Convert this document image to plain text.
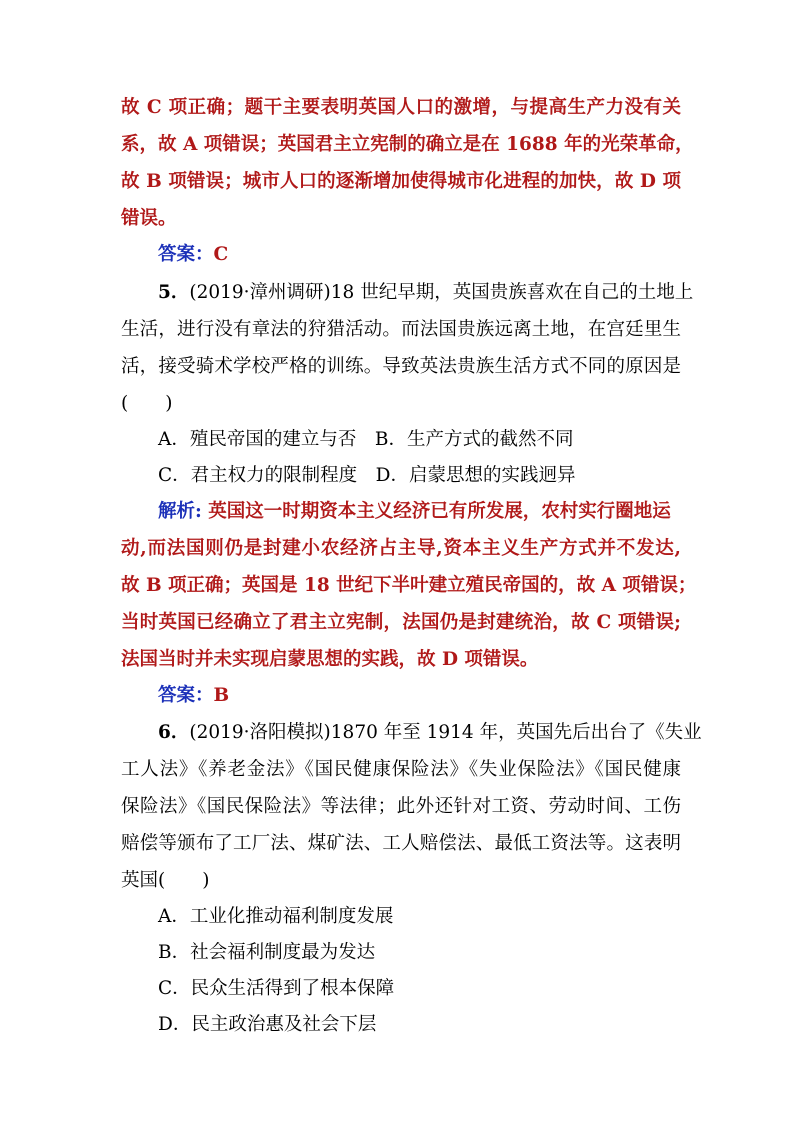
故 C 项正确；题干主要表明英国人口的激增，与提高生产力没有关
系，故 A 项错误；英国君主立宪制的确立是在 1688 年的光荣革命，
故 B 项错误；城市人口的逐渐增加使得城市化进程的加快，故 D 项
错误。
答案：C
5．(2019·漳州调研)18 世纪早期，英国贵族喜欢在自己的土地上
生活，进行没有章法的狩猎活动。而法国贵族远离土地，在宫廷里生
活，接受骑术学校严格的训练。导致英法贵族生活方式不同的原因是
(　　)
A．殖民帝国的建立与否　B．生产方式的截然不同
C．君主权力的限制程度　D．启蒙思想的实践迥异
解析: 英国这一时期资本主义经济已有所发展，农村实行圈地运
动,而法国则仍是封建小农经济占主导,资本主义生产方式并不发达,
故 B 项正确；英国是 18 世纪下半叶建立殖民帝国的，故 A 项错误；
当时英国已经确立了君主立宪制，法国仍是封建统治，故 C 项错误;
法国当时并未实现启蒙思想的实践，故 D 项错误。
答案：B
6．(2019·洛阳模拟)1870 年至 1914 年，英国先后出台了《失业
工人法》《养老金法》《国民健康保险法》《失业保险法》《国民健康
保险法》《国民保险法》等法律；此外还针对工资、劳动时间、工伤
赔偿等颁布了工厂法、煤矿法、工人赔偿法、最低工资法等。这表明
英国(　　)
A．工业化推动福利制度发展
B．社会福利制度最为发达
C．民众生活得到了根本保障
D．民主政治惠及社会下层
